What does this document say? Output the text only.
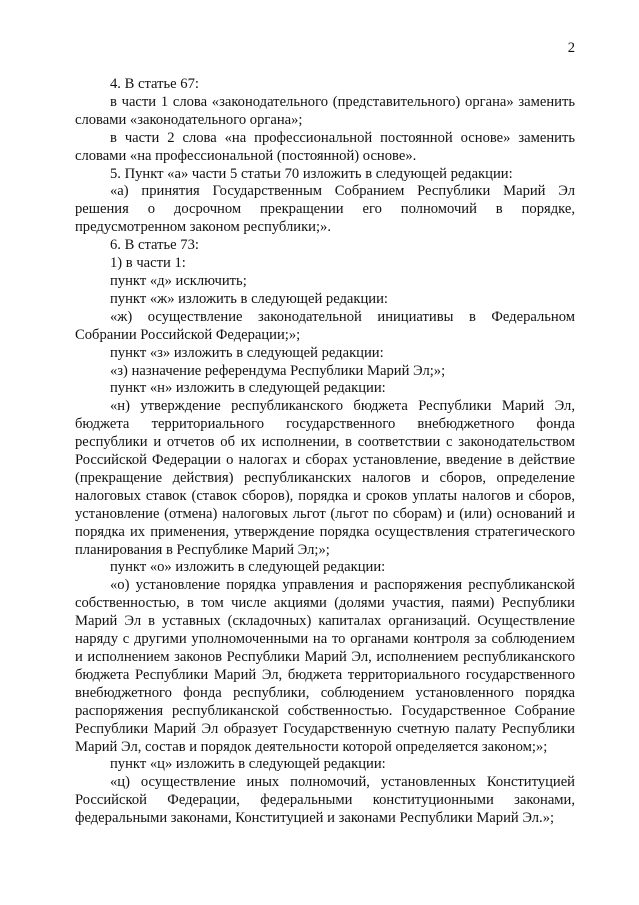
2

4. В статье 67:

в части 1 слова «законодательного (представительного) органа» заменить словами «законодательного органа»;

в части 2 слова «на профессиональной постоянной основе» заменить словами «на профессиональной (постоянной) основе».

5. Пункт «а» части 5 статьи 70 изложить в следующей редакции:

«а) принятия Государственным Собранием Республики Марий Эл решения о досрочном прекращении его полномочий в порядке, предусмотренном законом республики;».

6. В статье 73:

1) в части 1:

пункт «д» исключить;

пункт «ж» изложить в следующей редакции:

«ж) осуществление законодательной инициативы в Федеральном Собрании Российской Федерации;»;

пункт «з» изложить в следующей редакции:

«з) назначение референдума Республики Марий Эл;»;

пункт «н» изложить в следующей редакции:

«н) утверждение республиканского бюджета Республики Марий Эл, бюджета территориального государственного внебюджетного фонда республики и отчетов об их исполнении, в соответствии с законодательством Российской Федерации о налогах и сборах установление, введение в действие (прекращение действия) республиканских налогов и сборов, определение налоговых ставок (ставок сборов), порядка и сроков уплаты налогов и сборов, установление (отмена) налоговых льгот (льгот по сборам) и (или) оснований и порядка их применения, утверждение порядка осуществления стратегического планирования в Республике Марий Эл;»;

пункт «о» изложить в следующей редакции:

«о) установление порядка управления и распоряжения республиканской собственностью, в том числе акциями (долями участия, паями) Республики Марий Эл в уставных (складочных) капиталах организаций. Осуществление наряду с другими уполномоченными на то органами контроля за соблюдением и исполнением законов Республики Марий Эл, исполнением республиканского бюджета Республики Марий Эл, бюджета территориального государственного внебюджетного фонда республики, соблюдением установленного порядка распоряжения республиканской собственностью. Государственное Собрание Республики Марий Эл образует Государственную счетную палату Республики Марий Эл, состав и порядок деятельности которой определяется законом;»;

пункт «ц» изложить в следующей редакции:

«ц) осуществление иных полномочий, установленных Конституцией Российской Федерации, федеральными конституционными законами, федеральными законами, Конституцией и законами Республики Марий Эл.»;
